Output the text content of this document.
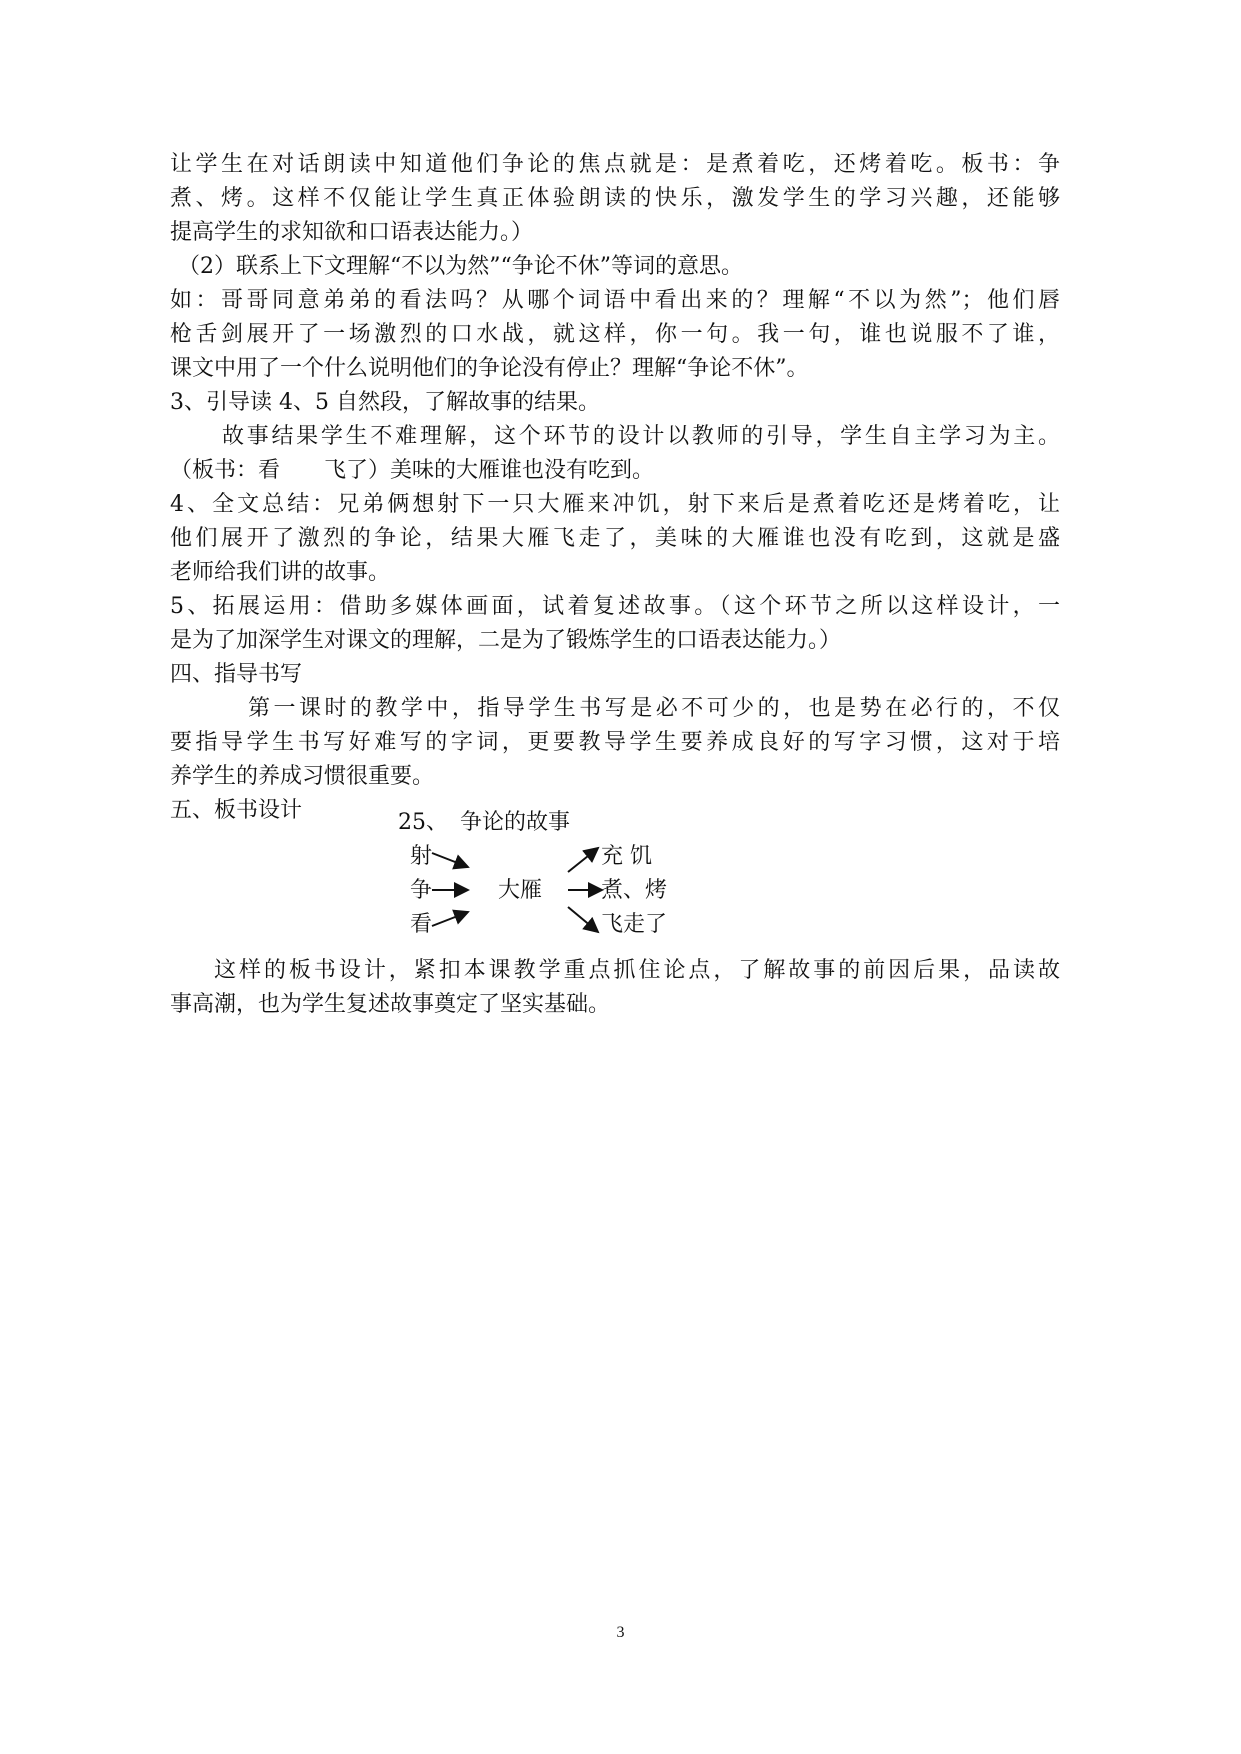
让学生在对话朗读中知道他们争论的焦点就是：是煮着吃，还烤着吃。板书：争
煮、烤。这样不仅能让学生真正体验朗读的快乐，激发学生的学习兴趣，还能够
提高学生的求知欲和口语表达能力。）
（2）联系上下文理解“不以为然”“争论不休”等词的意思。
如：哥哥同意弟弟的看法吗？从哪个词语中看出来的？理解“不以为然”；他们唇
枪舌剑展开了一场激烈的口水战，就这样，你一句。我一句，谁也说服不了谁，
课文中用了一个什么说明他们的争论没有停止？理解“争论不休”。
3、引导读 4、5 自然段，了解故事的结果。
故事结果学生不难理解，这个环节的设计以教师的引导，学生自主学习为主。
（板书：看　　飞了）美味的大雁谁也没有吃到。
4、全文总结：兄弟俩想射下一只大雁来冲饥，射下来后是煮着吃还是烤着吃，让
他们展开了激烈的争论，结果大雁飞走了，美味的大雁谁也没有吃到，这就是盛
老师给我们讲的故事。
5、拓展运用：借助多媒体画面，试着复述故事。（这个环节之所以这样设计，一
是为了加深学生对课文的理解，二是为了锻炼学生的口语表达能力。）
四、指导书写
第一课时的教学中，指导学生书写是必不可少的，也是势在必行的，不仅
要指导学生书写好难写的字词，更要教导学生要养成良好的写字习惯，这对于培
养学生的养成习惯很重要。
五、板书设计	25、 争论的故事
射
争
看
大雁
充 饥
煮、烤
飞走了
这样的板书设计，紧扣本课教学重点抓住论点，了解故事的前因后果，品读故
事高潮，也为学生复述故事奠定了坚实基础。
3
